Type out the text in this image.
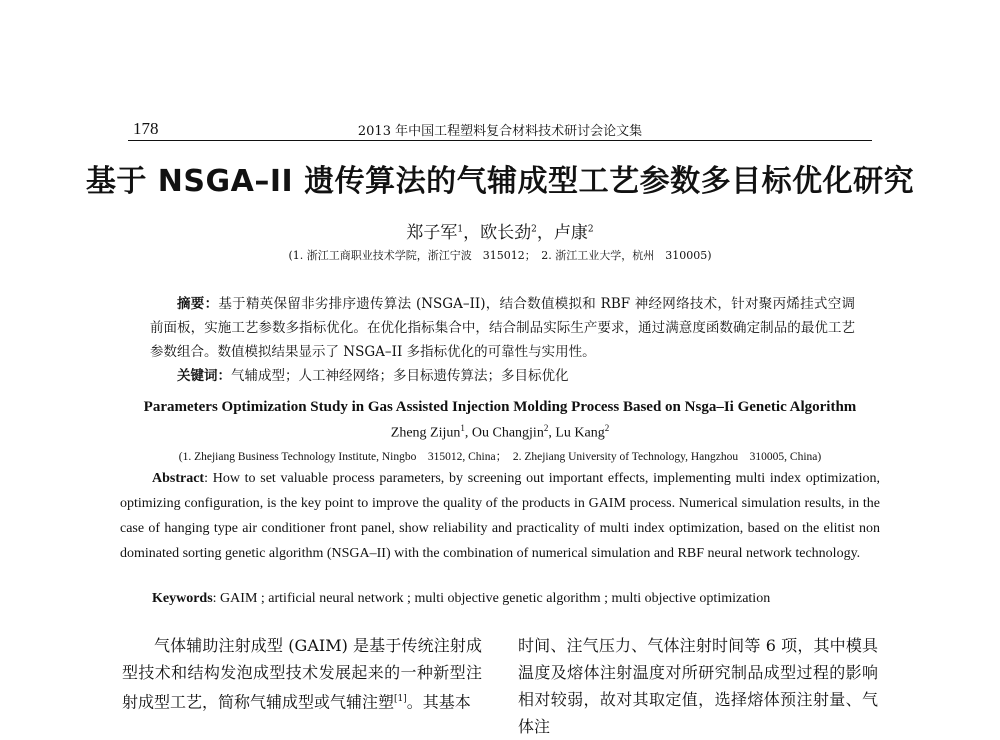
178	2013 年中国工程塑料复合材料技术研讨会论文集
基于 NSGA–II 遗传算法的气辅成型工艺参数多目标优化研究
郑子军$^1$，欧长劲$^2$，卢康$^2$
(1. 浙江工商职业技术学院，浙江宁波　315012；　2. 浙江工业大学，杭州　310005)
摘要：基于精英保留非劣排序遗传算法 (NSGA–II)，结合数值模拟和 RBF 神经网络技术，针对聚丙烯挂式空调前面板，实施工艺参数多指标优化。在优化指标集合中，结合制品实际生产要求，通过满意度函数确定制品的最优工艺参数组合。数值模拟结果显示了 NSGA–II 多指标优化的可靠性与实用性。
关键词：气辅成型；人工神经网络；多目标遗传算法；多目标优化
Parameters Optimization Study in Gas Assisted Injection Molding Process Based on Nsga–Ii Genetic Algorithm
Zheng Zijun$^1$, Ou Changjin$^2$, Lu Kang$^2$
(1. Zhejiang Business Technology Institute, Ningbo　315012, China；　2. Zhejiang University of Technology, Hangzhou　310005, China)
Abstract: How to set valuable process parameters, by screening out important effects, implementing multi index optimization, optimizing configuration, is the key point to improve the quality of the products in GAIM process. Numerical simulation results, in the case of hanging type air conditioner front panel, show reliability and practicality of multi index optimization, based on the elitist non dominated sorting genetic algorithm (NSGA–II) with the combination of numerical simulation and RBF neural network technology.
Keywords: GAIM ; artificial neural network ; multi objective genetic algorithm ; multi objective optimization
气体辅助注射成型 (GAIM) 是基于传统注射成型技术和结构发泡成型技术发展起来的一种新型注射成型工艺，简称气辅成型或气辅注塑[1]。其基本
时间、注气压力、气体注射时间等 6 项，其中模具温度及熔体注射温度对所研究制品成型过程的影响相对较弱，故对其取定值，选择熔体预注射量、气体注
